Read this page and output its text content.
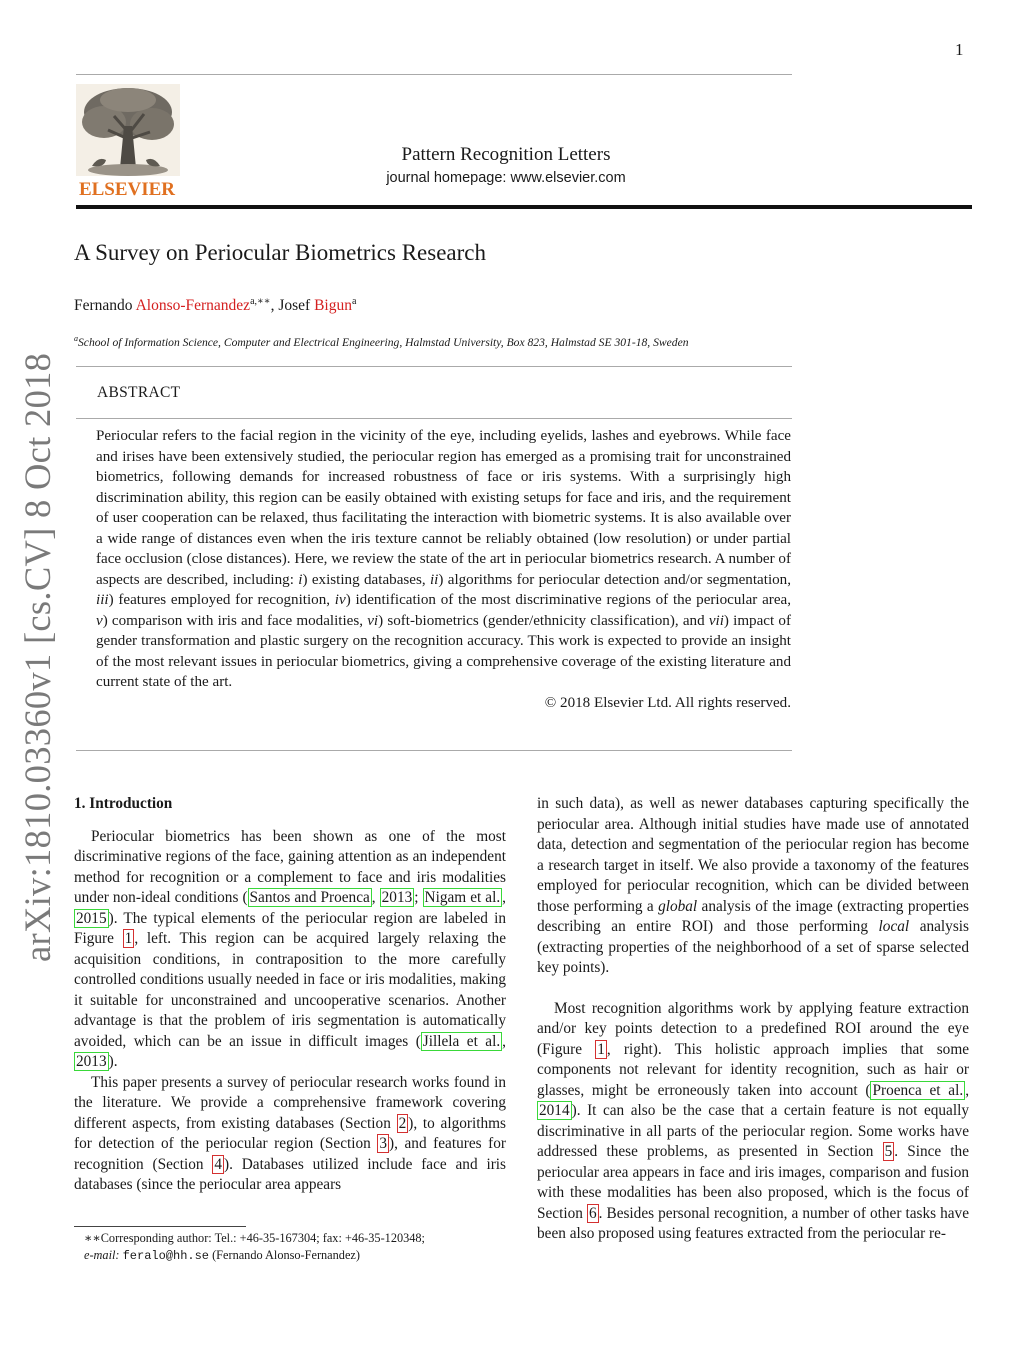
1
ELSEVIER
Pattern Recognition Letters
journal homepage: www.elsevier.com
A Survey on Periocular Biometrics Research
Fernando Alonso-Fernandez$^{a,∗∗}$, Josef Bigun$^a$
$^a$School of Information Science, Computer and Electrical Engineering, Halmstad University, Box 823, Halmstad SE 301-18, Sweden
ABSTRACT
Periocular refers to the facial region in the vicinity of the eye, including eyelids, lashes and eyebrows. While face and irises have been extensively studied, the periocular region has emerged as a promising trait for unconstrained biometrics, following demands for increased robustness of face or iris systems. With a surprisingly high discrimination ability, this region can be easily obtained with existing setups for face and iris, and the requirement of user cooperation can be relaxed, thus facilitating the interaction with biometric systems. It is also available over a wide range of distances even when the iris texture cannot be reliably obtained (low resolution) or under partial face occlusion (close distances). Here, we review the state of the art in periocular biometrics research. A number of aspects are described, including: i) existing databases, ii) algorithms for periocular detection and/or segmentation, iii) features employed for recognition, iv) identification of the most discriminative regions of the periocular area, v) comparison with iris and face modalities, vi) soft-biometrics (gender/ethnicity classification), and vii) impact of gender transformation and plastic surgery on the recognition accuracy. This work is expected to provide an insight of the most relevant issues in periocular biometrics, giving a comprehensive coverage of the existing literature and current state of the art.
© 2018 Elsevier Ltd. All rights reserved.
arXiv:1810.03360v1 [cs.CV] 8 Oct 2018 1. Introduction

Periocular biometrics has been shown as one of the most discriminative regions of the face, gaining attention as an independent method for recognition or a complement to face and iris modalities under non-ideal conditions ( Santos and Proenca , 2013 ; Nigam et al. , 2015 ). The typical elements of the periocular region are labeled in Figure 1 , left. This region can be acquired largely relaxing the acquisition conditions, in contraposition to the more carefully controlled conditions usually needed in face or iris modalities, making it suitable for unconstrained and uncooperative scenarios. Another advantage is that the problem of iris segmentation is automatically avoided, which can be an issue in difficult images ( Jillela et al. , 2013 ).

This paper presents a survey of periocular research works found in the literature. We provide a comprehensive framework covering different aspects, from existing databases (Section 2 ), to algorithms for detection of the periocular region (Section 3 ), and features for recognition (Section 4 ). Databases utilized include face and iris databases (since the periocular area appears

in such data), as well as newer databases capturing specifically the periocular area. Although initial studies have made use of annotated data, detection and segmentation of the periocular region has become a research target in itself. We also provide a taxonomy of the features employed for periocular recognition, which can be divided between those performing a global analysis of the image (extracting properties describing an entire ROI) and those performing local analysis (extracting properties of the neighborhood of a set of sparse selected key points).

Most recognition algorithms work by applying feature extraction and/or key points detection to a predefined ROI around the eye (Figure 1 , right). This holistic approach implies that some components not relevant for identity recognition, such as hair or glasses, might be erroneously taken into account ( Proenca et al. , 2014 ). It can also be the case that a certain feature is not equally discriminative in all parts of the periocular region. Some works have addressed these problems, as presented in Section 5 . Since the periocular area appears in face and iris images, comparison and fusion with these modalities has been also proposed, which is the focus of Section 6 . Besides personal recognition, a number of other tasks have been also proposed using features extracted from the periocular re-

∗∗Corresponding author: Tel.: +46-35-167304; fax: +46-35-120348;
e-mail: feralo@hh.se (Fernando Alonso-Fernandez)
